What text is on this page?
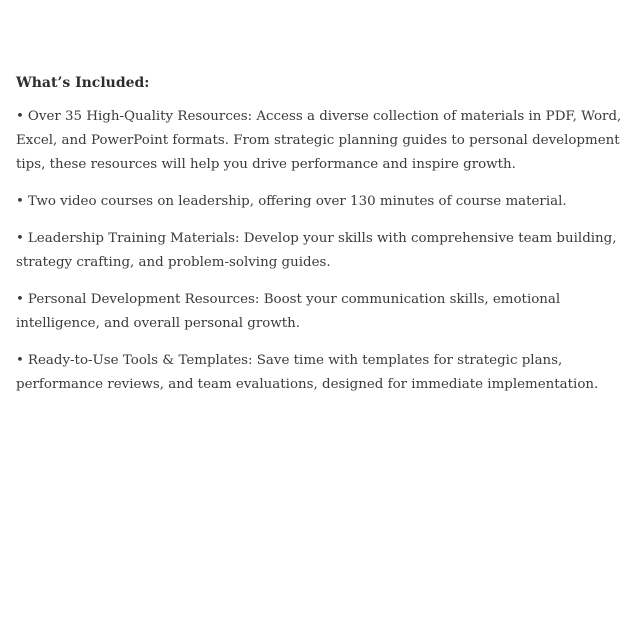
What’s Included:

• Over 35 High-Quality Resources: Access a diverse collection of materials in PDF, Word, Excel, and PowerPoint formats. From strategic planning guides to personal development tips, these resources will help you drive performance and inspire growth.

• Two video courses on leadership, offering over 130 minutes of course material.

• Leadership Training Materials: Develop your skills with comprehensive team building, strategy crafting, and problem-solving guides.

• Personal Development Resources: Boost your communication skills, emotional intelligence, and overall personal growth.

• Ready-to-Use Tools & Templates: Save time with templates for strategic plans, performance reviews, and team evaluations, designed for immediate implementation.
